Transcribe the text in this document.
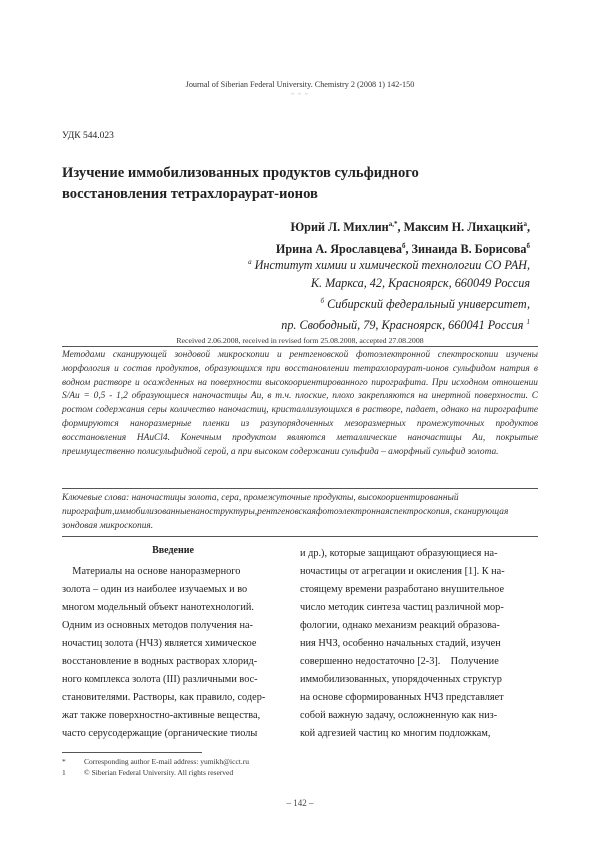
Journal of Siberian Federal University. Chemistry 2 (2008 1) 142-150
~ ~ ~
УДК 544.023
Изучение иммобилизованных продуктов сульфидного
восстановления тетрахлораурат-ионов
Юрий Л. Михлин$^{а,*}$, Максим Н. Лихацкий$^а$,
Ирина А. Ярославцева$^б$, Зинаида В. Борисова$^б$
$^а$ Институт химии и химической технологии СО РАН,
К. Маркса, 42, Красноярск, 660049 Россия
$^б$ Сибирский федеральный университет,
пр. Свободный, 79, Красноярск, 660041 Россия $^1$
Received 2.06.2008, received in revised form 25.08.2008, accepted 27.08.2008
Методами сканирующей зондовой микроскопии и рентгеновской фотоэлектронной спектроскопии изучены морфология и состав продуктов, образующихся при восстановлении тетрахлораурат-ионов сульфидом натрия в водном растворе и осажденных на поверхности высокоориентированного пирографита. При исходном отношении S/Au = 0,5 - 1,2 образующиеся наночастицы Au, в т.ч. плоские, плохо закрепляются на инертной поверхности. С ростом содержания серы количество наночастиц, кристаллизующихся в растворе, падает, однако на пирографите формируются наноразмерные пленки из разупорядоченных мезоразмерных промежуточных продуктов восстановления HAuCl4. Конечным продуктом являются металлические наночастицы Au, покрытые преимущественно полисульфидной серой, а при высоком содержании сульфида – аморфный сульфид золота.
Ключевые слова: наночастицы золота, сера, промежуточные продукты, высокоориентированный пирографит,иммобилизованныенаноструктуры,рентгеновскаяфотоэлектроннаяспектроскопия, сканирующая зондовая микроскопия.
Введение
Материалы на основе наноразмерного
золота – один из наиболее изучаемых и во
многом модельный объект нанотехнологий.
Одним из основных методов получения на-
ночастиц золота (НЧЗ) является химическое
восстановление в водных растворах хлорид-
ного комплекса золота (III) различными вос-
становителями. Растворы, как правило, содер-
жат также поверхностно-активные вещества,
часто серусодержащие (органические тиолы
и др.), которые защищают образующиеся на-
ночастицы от агрегации и окисления [1]. К на-
стоящему времени разработано внушительное
число методик синтеза частиц различной мор-
фологии, однако механизм реакций образова-
ния НЧЗ, особенно начальных стадий, изучен
совершенно недостаточно [2-3].    Получение
иммобилизованных, упорядоченных структур
на основе сформированных НЧЗ представляет
собой важную задачу, осложненную как низ-
кой адгезией частиц ко многим подложкам,
* Corresponding author E-mail address: yumikh@icct.ru
1 © Siberian Federal University. All rights reserved
– 142 –
